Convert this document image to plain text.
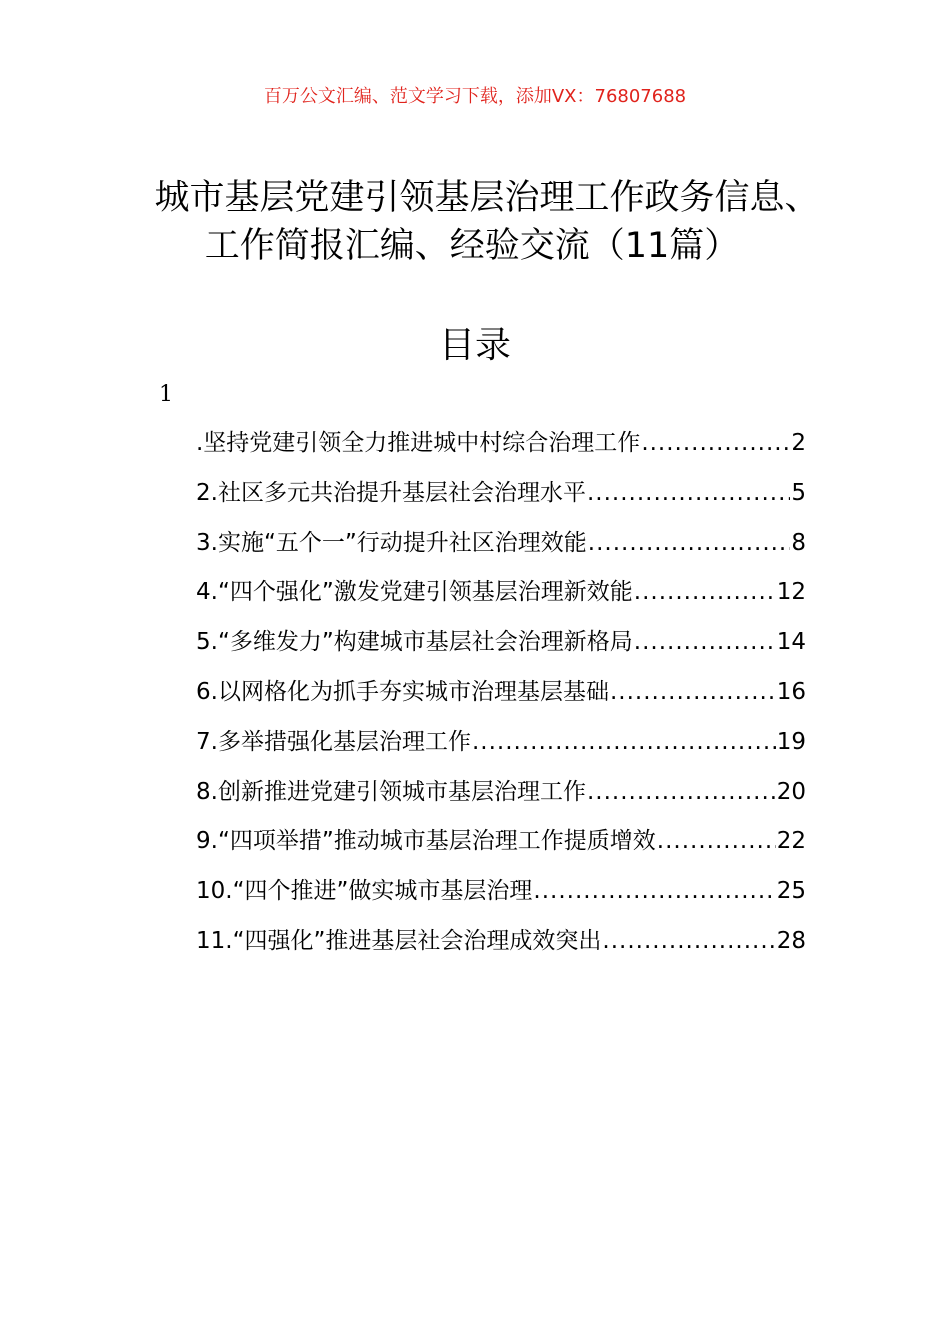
百万公文汇编、范文学习下载，添加VX：76807688
城市基层党建引领基层治理工作政务信息、
工作简报汇编、经验交流（11篇）
目录
1
.坚持党建引领全力推进城中村综合治理工作 .....	2
2.社区多元共治提升基层社会治理水平 .....	5
3.实施“五个一”行动提升社区治理效能 .....	8
4.“四个强化”激发党建引领基层治理新效能 .....	12
5.“多维发力”构建城市基层社会治理新格局 .....	14
6.以网格化为抓手夯实城市治理基层基础 .....	16
7.多举措强化基层治理工作 .....	19
8.创新推进党建引领城市基层治理工作 .....	20
9.“四项举措”推动城市基层治理工作提质增效 .....	22
10.“四个推进”做实城市基层治理 .....	25
11.“四强化”推进基层社会治理成效突出 .....	28
